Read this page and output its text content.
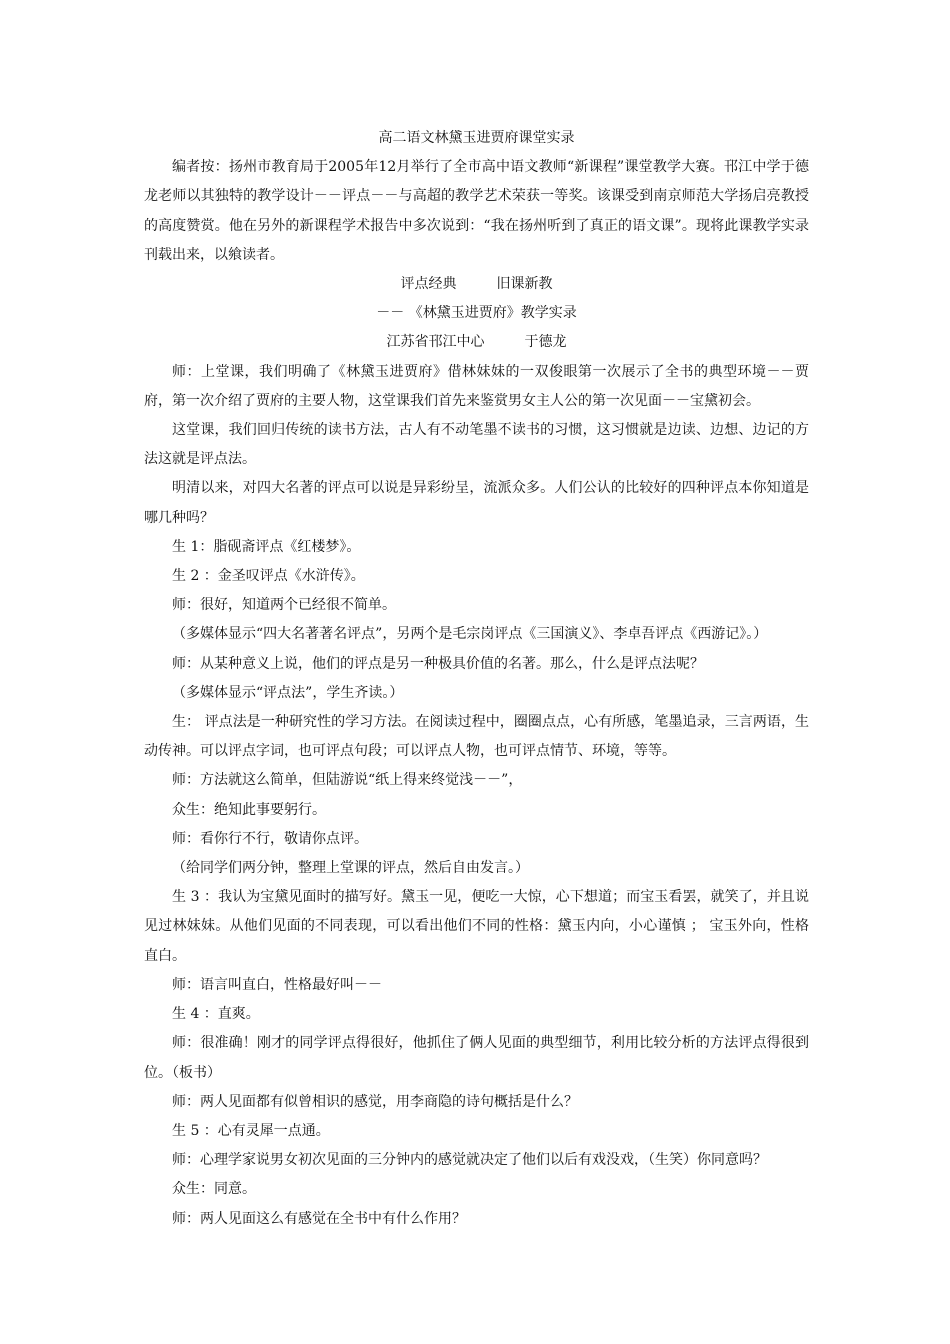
高二语文林黛玉进贾府课堂实录

编者按：扬州市教育局于2005年12月举行了全市高中语文教师“新课程”课堂教学大赛。邗江中学于德龙老师以其独特的教学设计－－评点－－与高超的教学艺术荣获一等奖。该课受到南京师范大学扬启亮教授的高度赞赏。他在另外的新课程学术报告中多次说到：“我在扬州听到了真正的语文课”。现将此课教学实录刊载出来，以飨读者。

评点经典	旧课新教

－－ 《林黛玉进贾府》教学实录

江苏省邗江中心	于德龙

师：上堂课，我们明确了《林黛玉进贾府》借林妹妹的一双俊眼第一次展示了全书的典型环境－－贾府，第一次介绍了贾府的主要人物，这堂课我们首先来鉴赏男女主人公的第一次见面－－宝黛初会。

这堂课，我们回归传统的读书方法，古人有不动笔墨不读书的习惯，这习惯就是边读、边想、边记的方法这就是评点法。

明清以来，对四大名著的评点可以说是异彩纷呈，流派众多。人们公认的比较好的四种评点本你知道是哪几种吗？

生 1：脂砚斋评点《红楼梦》。

生 2 ：金圣叹评点《水浒传》。

师：很好，知道两个已经很不简单。

（多媒体显示“四大名著著名评点”，另两个是毛宗岗评点《三国演义》、李卓吾评点《西游记》。）

师：从某种意义上说，他们的评点是另一种极具价值的名著。那么，什么是评点法呢？

（多媒体显示“评点法”，学生齐读。）

生： 评点法是一种研究性的学习方法。在阅读过程中，圈圈点点，心有所感，笔墨追录，三言两语，生动传神。可以评点字词，也可评点句段；可以评点人物，也可评点情节、环境，等等。

师：方法就这么简单，但陆游说“纸上得来终觉浅－－”，

众生：绝知此事要躬行。

师：看你行不行，敬请你点评。

（给同学们两分钟，整理上堂课的评点，然后自由发言。）

生 3 ：我认为宝黛见面时的描写好。黛玉一见，便吃一大惊，心下想道；而宝玉看罢，就笑了，并且说见过林妹妹。从他们见面的不同表现，可以看出他们不同的性格：黛玉内向，小心谨慎 ； 宝玉外向，性格直白。

师：语言叫直白，性格最好叫－－

生 4 ：直爽。

师：很准确！刚才的同学评点得很好，他抓住了俩人见面的典型细节，利用比较分析的方法评点得很到位。（板书）

师：两人见面都有似曾相识的感觉，用李商隐的诗句概括是什么？

生 5 ：心有灵犀一点通。

师：心理学家说男女初次见面的三分钟内的感觉就决定了他们以后有戏没戏，（生笑）你同意吗？

众生：同意。

师：两人见面这么有感觉在全书中有什么作用？
